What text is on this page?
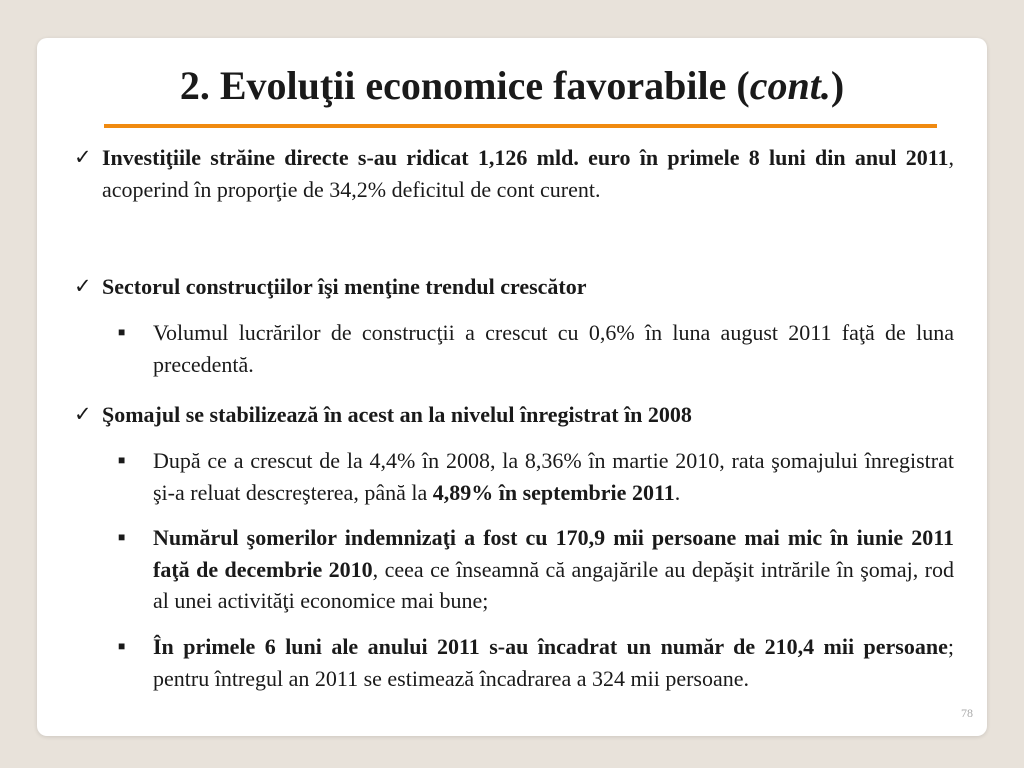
2. Evoluţii economice favorabile (cont.)
✓ Investiţiile străine directe s-au ridicat 1,126 mld. euro în primele 8 luni din anul 2011, acoperind în proporţie de 34,2% deficitul de cont curent.
✓ Sectorul construcţiilor îşi menţine trendul crescător
■ Volumul lucrărilor de construcţii a crescut cu 0,6% în luna august 2011 faţă de luna precedentă.
✓ Şomajul se stabilizează în acest an la nivelul înregistrat în 2008
■ După ce a crescut de la 4,4% în 2008, la 8,36% în martie 2010, rata şomajului înregistrat şi-a reluat descreşterea, până la 4,89% în septembrie 2011.
■ Numărul şomerilor indemnizaţi a fost cu 170,9 mii persoane mai mic în iunie 2011 faţă de decembrie 2010, ceea ce înseamnă că angajările au depăşit intrările în şomaj, rod al unei activităţi economice mai bune;
■ În primele 6 luni ale anului 2011 s-au încadrat un număr de 210,4 mii persoane; pentru întregul an 2011 se estimează încadrarea a 324 mii persoane.
78
